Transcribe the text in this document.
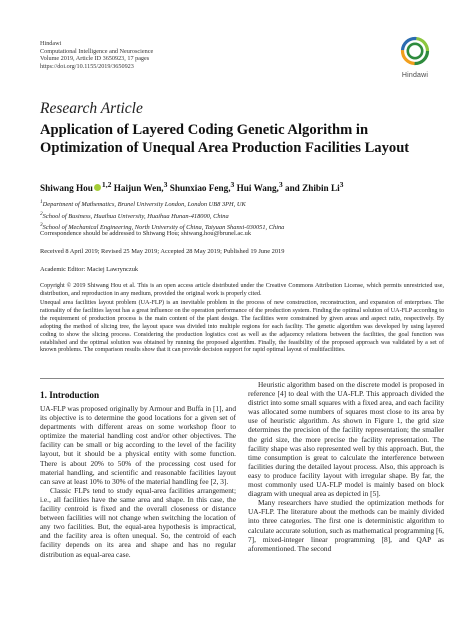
Hindawi
Computational Intelligence and Neuroscience
Volume 2019, Article ID 3650923, 17 pages
https://doi.org/10.1155/2019/3650923
Hindawi
Research Article
Application of Layered Coding Genetic Algorithm in Optimization of Unequal Area Production Facilities Layout
Shiwang Hou $^{1,2}$ Haijun Wen,$^3$ Shunxiao Feng,$^3$ Hui Wang,$^3$ and Zhibin Li$^3$
$^1$Department of Mathematics, Brunel University London, London UB8 3PH, UK
$^2$School of Business, Huaihua University, Huaihua Hunan-418000, China
$^3$School of Mechanical Engineering, North University of China, Taiyuan Shanxi-030051, China
Correspondence should be addressed to Shiwang Hou; shiwang.hou@brunel.ac.uk
Received 8 April 2019; Revised 25 May 2019; Accepted 28 May 2019; Published 19 June 2019
Academic Editor: Maciej Lawrynczuk
Copyright © 2019 Shiwang Hou et al. This is an open access article distributed under the Creative Commons Attribution License, which permits unrestricted use, distribution, and reproduction in any medium, provided the original work is properly cited.
Unequal area facilities layout problem (UA-FLP) is an inevitable problem in the process of new construction, reconstruction, and expansion of enterprises. The rationality of the facilities layout has a great influence on the operation performance of the production system. Finding the optimal solution of UA-FLP according to the requirement of production process is the main content of the plant design. The facilities were constrained by given areas and aspect ratio, respectively. By adopting the method of slicing tree, the layout space was divided into multiple regions for each facility. The genetic algorithm was developed by using layered coding to show the slicing process. Considering the production logistics cost as well as the adjacency relations between the facilities, the goal function was established and the optimal solution was obtained by running the proposed algorithm. Finally, the feasibility of the proposed approach was validated by a set of known problems. The comparison results show that it can provide decision support for rapid optimal layout of multifacilities.
1. Introduction

UA-FLP was proposed originally by Armour and Buffa in [1], and its objective is to determine the good locations for a given set of departments with different areas on some workshop floor to optimize the material handling cost and/or other objectives. The facility can be small or big according to the level of the facility layout, but it should be a physical entity with some function. There is about 20% to 50% of the processing cost used for material handling, and scientific and reasonable facilities layout can save at least 10% to 30% of the material handling fee [2, 3].

Classic FLPs tend to study equal-area facilities arrangement; i.e., all facilities have the same area and shape. In this case, the facility centroid is fixed and the overall closeness or distance between facilities will not change when switching the location of any two facilities. But, the equal-area hypothesis is impractical, and the facility area is often unequal. So, the centroid of each facility depends on its area and shape and has no regular distribution as equal-area case.

Heuristic algorithm based on the discrete model is proposed in reference [4] to deal with the UA-FLP. This approach divided the district into some small squares with a fixed area, and each facility was allocated some numbers of squares most close to its area by use of heuristic algorithm. As shown in Figure 1, the grid size determines the precision of the facility representation; the smaller the grid size, the more precise the facility representation. The facility shape was also represented well by this approach. But, the time consumption is great to calculate the interference between facilities during the detailed layout process. Also, this approach is easy to produce facility layout with irregular shape. By far, the most commonly used UA-FLP model is mainly based on block diagram with unequal area as depicted in [5].

Many researchers have studied the optimization methods for UA-FLP. The literature about the methods can be mainly divided into three categories. The first one is deterministic algorithm to calculate accurate solution, such as mathematical programming [6, 7], mixed-integer linear programming [8], and QAP as aforementioned. The second
